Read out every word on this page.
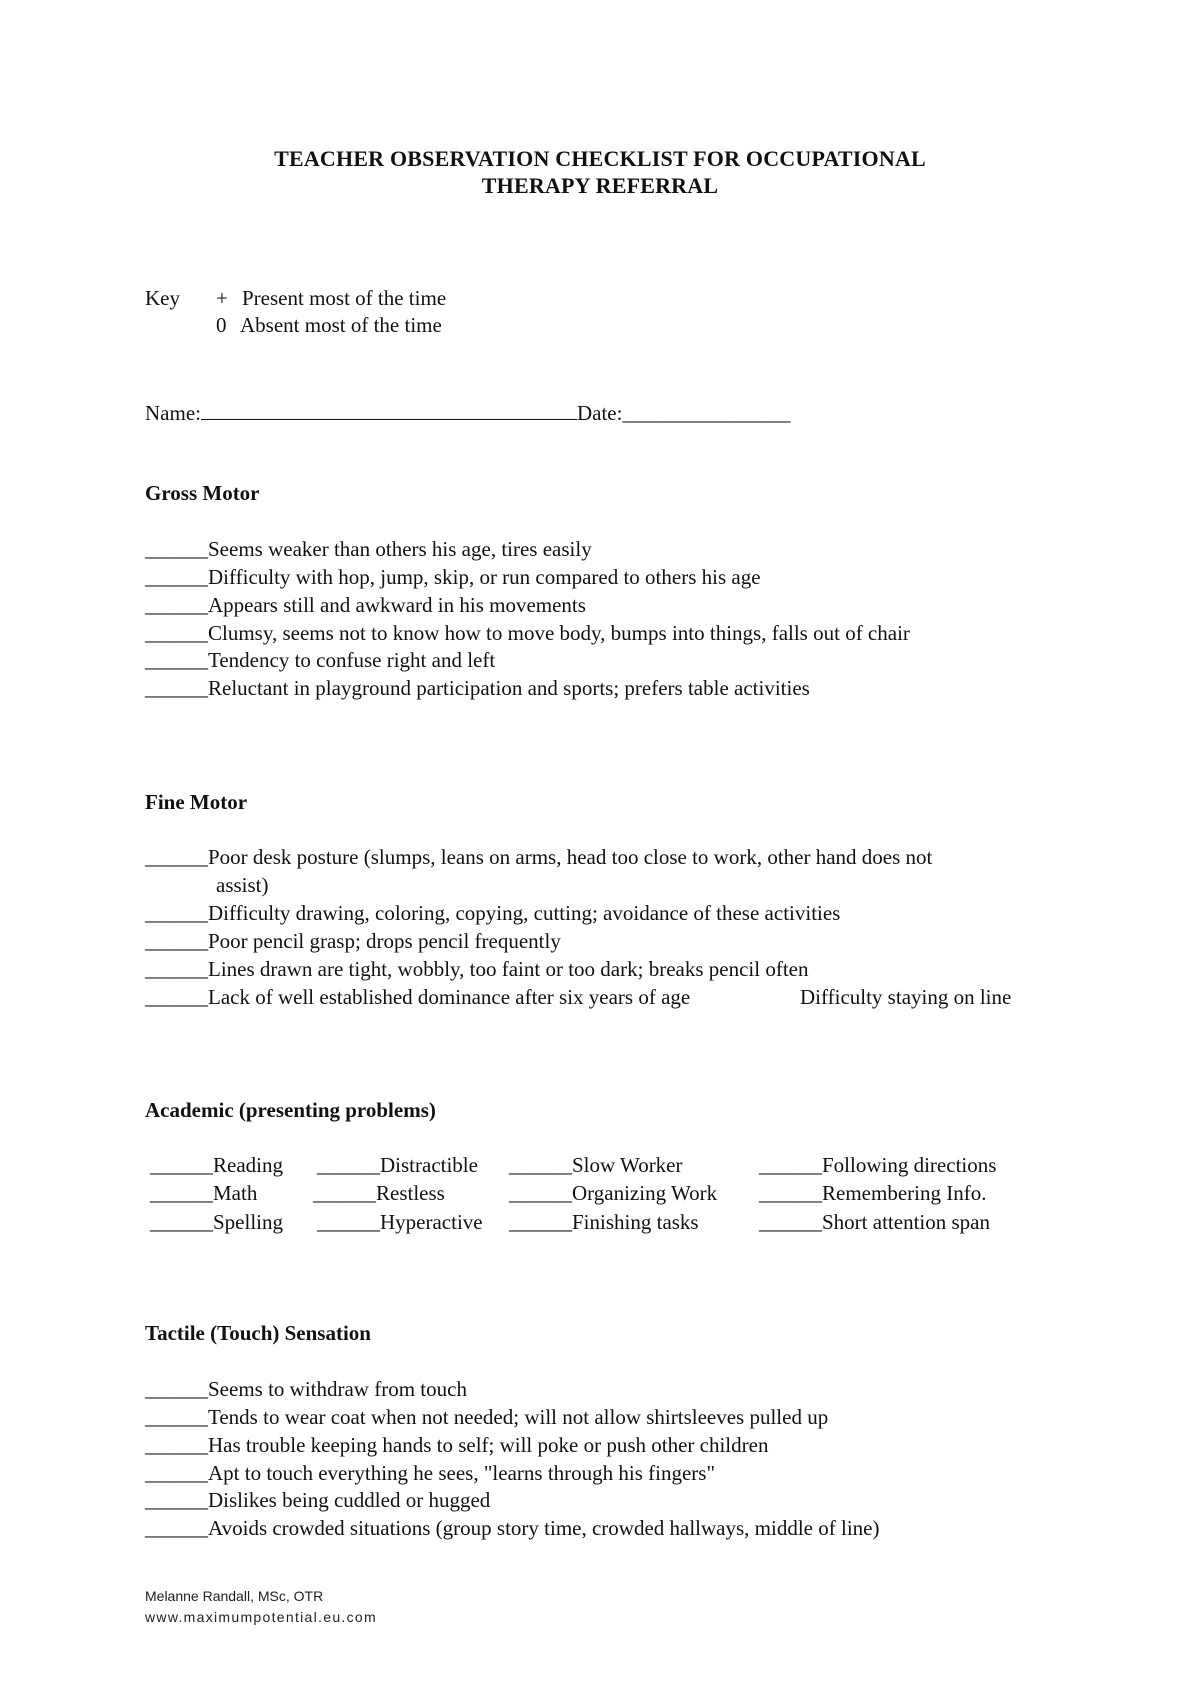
TEACHER OBSERVATION CHECKLIST FOR OCCUPATIONAL
THERAPY REFERRAL
Key + Present most of the time
0 Absent most of the time
Name:	Date:________________
Gross Motor
______Seems weaker than others his age, tires easily
______Difficulty with hop, jump, skip, or run compared to others his age
______Appears still and awkward in his movements
______Clumsy, seems not to know how to move body, bumps into things, falls out of chair
______Tendency to confuse right and left
______Reluctant in playground participation and sports; prefers table activities
Fine Motor
______Poor desk posture (slumps, leans on arms, head too close to work, other hand does not
assist)
______Difficulty drawing, coloring, copying, cutting; avoidance of these activities
______Poor pencil grasp; drops pencil frequently
______Lines drawn are tight, wobbly, too faint or too dark; breaks pencil often
______Lack of well established dominance after six years of age	Difficulty staying on line
Academic (presenting problems)
______Reading ______Distractible ______Slow Worker	______Following directions
______Math	______Restless	______Organizing Work ______Remembering Info.
______Spelling ______Hyperactive ______Finishing tasks	______Short attention span
Tactile (Touch) Sensation
______Seems to withdraw from touch
______Tends to wear coat when not needed; will not allow shirtsleeves pulled up
______Has trouble keeping hands to self; will poke or push other children
______Apt to touch everything he sees, "learns through his fingers"
______Dislikes being cuddled or hugged
______Avoids crowded situations (group story time, crowded hallways, middle of line)
Melanne Randall, MSc, OTR
www.maximumpotential.eu.com
